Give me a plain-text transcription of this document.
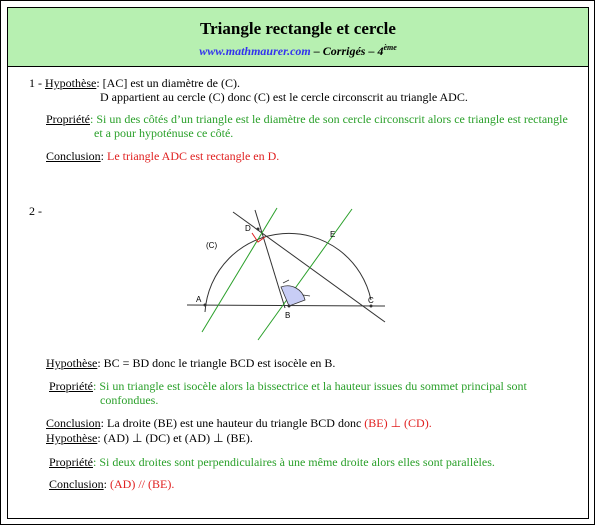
Triangle rectangle et cercle
www.mathmaurer.com – Corrigés – 4ème
1 - Hypothèse: [AC] est un diamètre de (C).
D appartient au cercle (C) donc (C) est le cercle circonscrit au triangle ADC.
Propriété: Si un des côtés d’un triangle est le diamètre de son cercle circonscrit alors ce triangle est rectangle
et a pour hypoténuse ce côté.
Conclusion: Le triangle ADC est rectangle en D.
2 -
D
E
A
B
C
(C)
Hypothèse: BC = BD donc le triangle BCD est isocèle en B.
Propriété: Si un triangle est isocèle alors la bissectrice et la hauteur issues du sommet principal sont
confondues.
Conclusion: La droite (BE) est une hauteur du triangle BCD donc (BE) ⊥ (CD).
Hypothèse: (AD) ⊥ (DC) et (AD) ⊥ (BE).
Propriété: Si deux droites sont perpendiculaires à une même droite alors elles sont parallèles.
Conclusion: (AD) // (BE).
